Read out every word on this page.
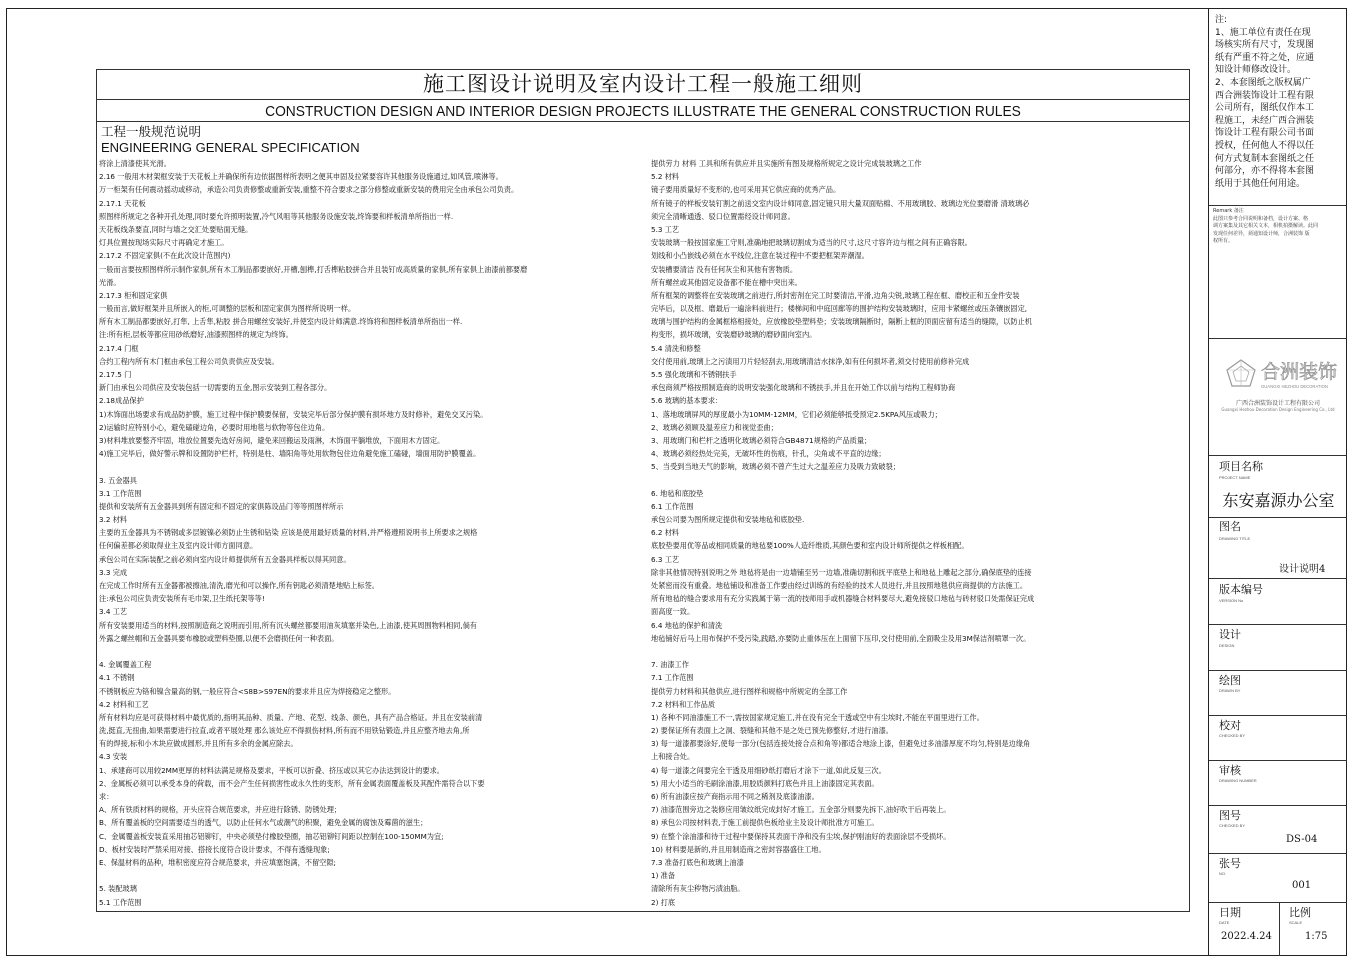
施工图设计说明及室内设计工程一般施工细则
CONSTRUCTION DESIGN AND INTERIOR DESIGN PROJECTS ILLUSTRATE THE GENERAL CONSTRUCTION RULES
工程一般规范说明
ENGINEERING GENERAL SPECIFICATION
将涂上清漆使其光滑。
2.16 一般用木材架框安装于天花板上并确保所有边依据图样所表明之便其申固及拉紧要容许其他服务设施通过,如风管,喷淋等。
万一柜架有任何震动摇动或移动，承造公司负责修整或重新安装,重整不符合要求之部分修整或重新安装的费用完全由承包公司负责。
2.17.1 天花板
照图样所规定之各种开孔处理,同时要允许照明装置,冷气风咀等其他服务设施安装,终饰要和样板清单所指出一样.
天花板线条要直,同时与墙之交汇处要贴面无缝。
灯具位置按现场实际尺寸再确定才施工。
2.17.2 不固定家俱(不在此次设计范围内)
一般而言要按照图样所示制作家俱,所有木工制品都要嵌好,开槽,刨榫,打舌榫粘胶拼合并且装钉成高质量的家俱,所有家俱上油漆前都要磨
光滑。
2.17.3 柜和固定家俱
一般而言,做好框架并且所嵌入的柜,可调整的层板和固定家俱为图样所说明一样。
所有木工制品都要嵌好,打隼, 上舌隼,粘胶 拼合用螺丝安装好,并使室内设计师满意.终饰将和图样板清单所指出一样.
注:所有柜,层板等都应用砂纸磨好,油漆照图样的规定为终饰。
2.17.4 门框
合约工程内所有木门框由承包工程公司负责供应及安装。
2.17.5 门
新门由承包公司供应及安装包括一切需要的五金,图示安装到工程各部分。
2.18成品保护
1)木饰面出场要求有成品防护膜，施工过程中保护膜要保留，安装完毕后部分保护膜有损坏地方及时修补，避免交叉污染。
2)运输时应特别小心，避免磕碰边角，必要时用地毯与软物等包住边角。
3)材料堆放要整齐牢固，堆放位置要先选好房间，避免来回搬运及雨淋，木饰面平躺堆放，下面用木方固定。
4)施工完毕后，做好警示牌和设置防护栏杆，特别是柱、墙阳角等处用软物包住边角避免施工磕碰，墙面用防护膜覆盖。
3. 五金器具
3.1 工作范围
提供和安装所有五金器具到所有固定和不固定的家俱陈设品门等等照图样所示
3.2 材料
主要的五金器具为不锈钢或多层镀镍必须防止生锈和钻染 应该是使用最好质量的材料,并严格遵照说明书上所要求之规格
任何偏差都必须取得业主及室内设计师方面同意。
承包公司在实际装配之前必须向室内设计师提供所有五金器具样板以得其同意。
3.3 完成
在完成工作时所有五金器都被擦油,清洗,磨光和可以操作,所有钥匙必须清楚地贴上标签。
注:承包公司应负责安装所有毛巾架,卫生纸托架等等!
3.4 工艺
所有安装要用适当的材料,按照制造商之说明而引用,所有沉头螺丝都要用油灰填塞并染色,上油漆,使其周围物料相同,倘有
外露之螺丝帽和五金器具要布橡胶或塑料垫圈,以便不会磨损任何一种表面。
4. 金属覆盖工程
4.1 不锈钢
不锈钢板应为铬和镍含量高的钢,一般应符合<S8B>S97EN的要求并且应为焊接稳定之整形。
4.2 材料和工艺
所有材料均应是可获得材料中最优质的,指明其品种、质量、产地、花型、线条、颜色，具有产品合格证。并且在安装前清
洗,挺直,无扭曲,如果需要进行拉直,或者平展处理 那么该处应不得损伤材料,所有而不用铁钻锻造,并且应整齐地去角,所
有的焊接,标和小木块应做成圆形,并且所有多余的金属应除去。
4.3 安装
1、承建商可以用较2MM更厚的材料法满足规格及要求，平板可以折叠、挤压或以其它办法达到设计的要求。
2、金属板必须可以承受本身的荷载，而不会产生任何损害性或永久性的变形，所有金属表面覆盖板及其配件需符合以下要
求：
A、所有铁质材料的规格，开头应符合规范要求，并应进行除锈、防锈处理；
B、所有覆盖板的空间需要适当的透气，以防止任何水气或潮气的积聚，避免金属的腐蚀及霉菌的滋生；
C、金属覆盖板安装直采用抽芯铝铆钉，中央必须垫付橡胶垫圈，抽芯铝铆钉间距以控制在100-150MM为宜;
D、板材安装时严禁采用对接、搭接长度符合设计要求，不得有透缝现象;
E、保温材料的品种，堆积密度应符合规范要求，并应填塞饱满，不留空隙;
5. 装配玻璃
5.1 工作范围
提供劳力 材料 工具和所有供应并且实施所有图及规格所规定之设计完成装玻璃之工作
5.2 材料
镜子要用质量好不变形的,也可采用其它供应商的优秀产品。
所有镜子的样板安装钉割之前送交室内设计师同意,固定镜只用大量双面贴棉、不用玻璃胶、玻璃边光位要磨滑 清玻璃必
须完全清晰通透、驳口位置需经设计师同意。
5.3 工艺
安装玻璃一般按国家施工守则,准确地把玻璃切割成为适当的尺寸,这尺寸容许边与框之间有正确容限。
划线和小凸嵌线必须在水平线位,注意在装过程中不要把框架弄潮湿。
安装槽要清洁 没有任何灰尘和其他有害物质。
所有螺丝或其他固定设备都不能在槽中突出来。
所有框架的调整将在安装玻璃之前进行,所封密剂在完工时要清洁,平滑,边角尖锐,玻璃工程在框、磨校正和五金件安装
完毕后，以及框、磨最后一遍涂料前进行；楼梯间和中庭回廊等的围护结构安装玻璃时，应用卡紧螺丝或压条镶嵌固定,
玻璃与围护结构的金属框格相接处，应放橡胶垫塑料垫；安装玻璃隔断时，隔断上框的顶面应留有适当的缝隙，以防止机
构变形，损坏玻璃，安装磨砂玻璃的磨砂面向室内。
5.4 清洗和修整
交付使用前,玻璃上之污渍用刀片轻轻刮去,用玻璃清洁水抹净,如有任何损坏者,须交付使用前修补完成
5.5 强化玻璃和不锈钢扶手
承包商须严格按照制造商的说明安装强化玻璃和不锈扶手,并且在开始工作以前与结构工程师协商
5.6 玻璃的基本要求：
1、落地玻璃屏风的厚度最小为10MM-12MM，它们必须能够抵受预定2.5KPA风压或吸力；
2、玻璃必须顾及温差应力和视觉歪曲；
3、用玻璃门和栏杆之透明化玻璃必须符合GB4871规格的产品质量；
4、玻璃必须经热处完美，无破坏性的伤痕，针孔，尖角或不平直的边缘；
5、当受到当地天气的影响，玻璃必须不曾产生过大之温差应力及吸力致破裂；
6. 地毡和底胶垫
6.1 工作范围
承包公司要为图所规定提供和安装地毡和底胶垫.
6.2 材料
底胶垫要用优等品或相同质量的地毡要100%人造纤维质,其颜色要和室内设计师所提供之样板相配。
6.3 工艺
除非其他情况特别说明之外 地毡将是由一边墙铺至另一边墙,准确切割和抚平底垫上和地毡上雕起之部分,确保底垫的连接
处紧密而没有重叠。地毡铺设和准备工作要由经过训练的有经验的技术人员进行,并且按照地毯供应商提供的方法施工。
所有地毡的缝合要求用有充分实践属于第一流的技师用手或机器缝合材料要尽大,避免接驳口地毡与砖材驳口处需保证完成
面高度一致。
6.4 地毡的保护和清洗
地毡铺好后马上用布保护不受污染,践踏,亦要防止重体压在上面留下压印,交付使用前,全面吸尘及用3M保洁剂喷罩一次。
7. 油漆工作
7.1 工作范围
提供劳力材料和其他供应,进行图样和规格中所规定的全部工作
7.2 材料和工作品质
1) 各种不同油漆施工不一,需按国家规定施工,并在没有完全干透或空中有尘埃时,不能在平面里进行工作。
2) 要保证所有表面上之洞、裂缝和其他不是之处已预先修整好,才进行油漆。
3) 每一道漆都要涂好,使每一部分(包括连接处接合点和角等)都适合地涂上漆，但避免过多油漆厚度不均匀,特别是边缘角
上和接合处。
4) 每一道漆之间要完全干透及用细砂纸打磨后才涂下一道,如此反复三次。
5) 用大小适当的毛刷涂油漆,用胶质颜料打底色并且上油漆固定其表面。
6) 所有油漆应按产商指示用不同之稀剂及底漆油漆。
7) 油漆范围旁边之装修应用皱纹纸完成封好才施工。五金部分则要先拆下,油好吹干后再装上。
8) 承包公司按材料表,于施工前提供色板给业主及设计师批准方可施工。
9) 在整个涂油漆和待干过程中要保持其表面干净和没有尘埃,保护刚油好的表面涂层不受损坏。
10) 材料要是新的,并且用制造商之密封容器盛住工地。
7.3 准备打底色和玻璃上油漆
1) 准备
清除所有灰尘秽物污渍油脂。
2) 打底
注:
1、施工单位有责任在现
场核实所有尺寸，发现图
纸有严重不符之处，应通
知设计师修改设计。
2、本套图纸之版权属广
西合洲装饰设计工程有限
公司所有，图纸仅作本工
程施工，未经广西合洲装
饰设计工程有限公司书面
授权，任何他人不得以任
何方式复制本套图纸之任
何部分，亦不得将本套图
纸用于其他任何用途。
Remark 备注
此图只参考合同说明和备档，设计方案、格
调方案集及其它相关文本，相机拍摄解读。此同
发现任何差异，须通知设计师，合洲装饰 版
权所有。
合洲装饰
GUANGXI HEZHOU DECORATION
广西合洲装饰设计工程有限公司
Guangxi Hezhou Decoration Design Engineering Co., Ltd
项目名称
PROJECT NAME
东安嘉源办公室
图名
DRAWING TITLE
设计说明4
版本编号
VERSION No
设计
DESIGN
绘图
DRAWN BY
校对
CHECKED BY
审核
DRAWING NUMBER
图号
CHECKED BY
DS-04
张号
NO.
001
日期
DATE
2022.4.24
比例
SCALE
1:75
